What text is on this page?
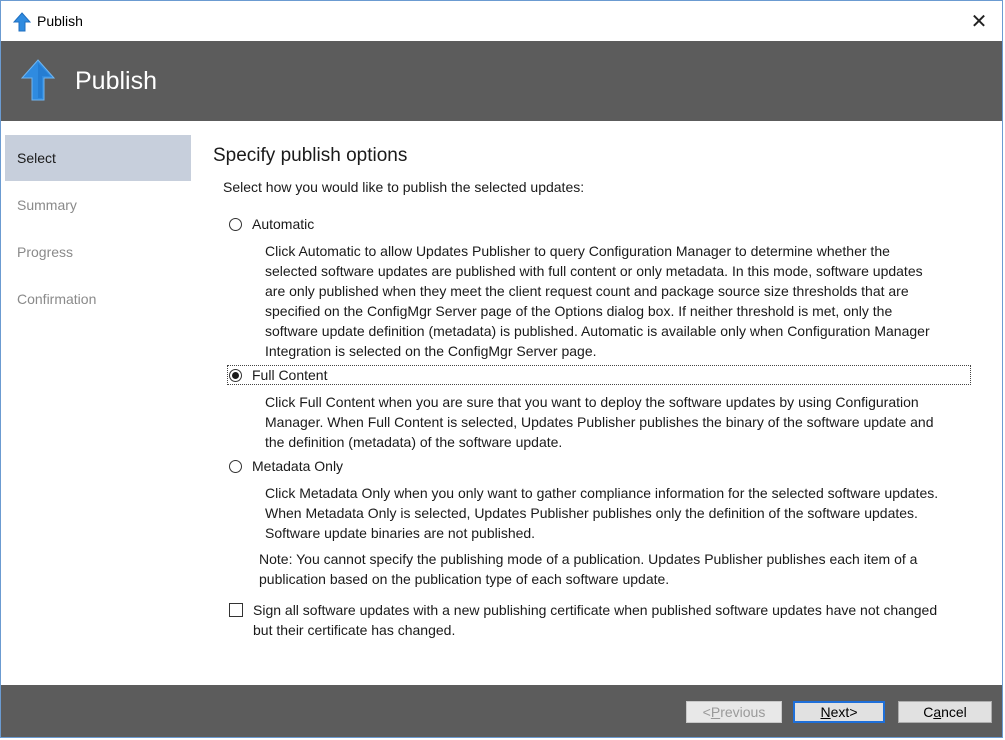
Publish	✕
Publish
Select
Summary
Progress
Confirmation
Specify publish options
Select how you would like to publish the selected updates:
Automatic
Click Automatic to allow Updates Publisher to query Configuration Manager to determine whether the selected software updates are published with full content or only metadata. In this mode, software updates are only published when they meet the client request count and package source size thresholds that are specified on the ConfigMgr Server page of the Options dialog box. If neither threshold is met, only the software update definition (metadata) is published. Automatic is available only when Configuration Manager Integration is selected on the ConfigMgr Server page.
Full Content
Click Full Content when you are sure that you want to deploy the software updates by using Configuration Manager. When Full Content is selected, Updates Publisher publishes the binary of the software update and the definition (metadata) of the software update.
Metadata Only
Click Metadata Only when you only want to gather compliance information for the selected software updates. When Metadata Only is selected, Updates Publisher publishes only the definition of the software updates. Software update binaries are not published.
Note: You cannot specify the publishing mode of a publication. Updates Publisher publishes each item of a publication based on the publication type of each software update.
Sign all software updates with a new publishing certificate when published software updates have not changed but their certificate has changed.
< P revious	N ext >	C a ncel
